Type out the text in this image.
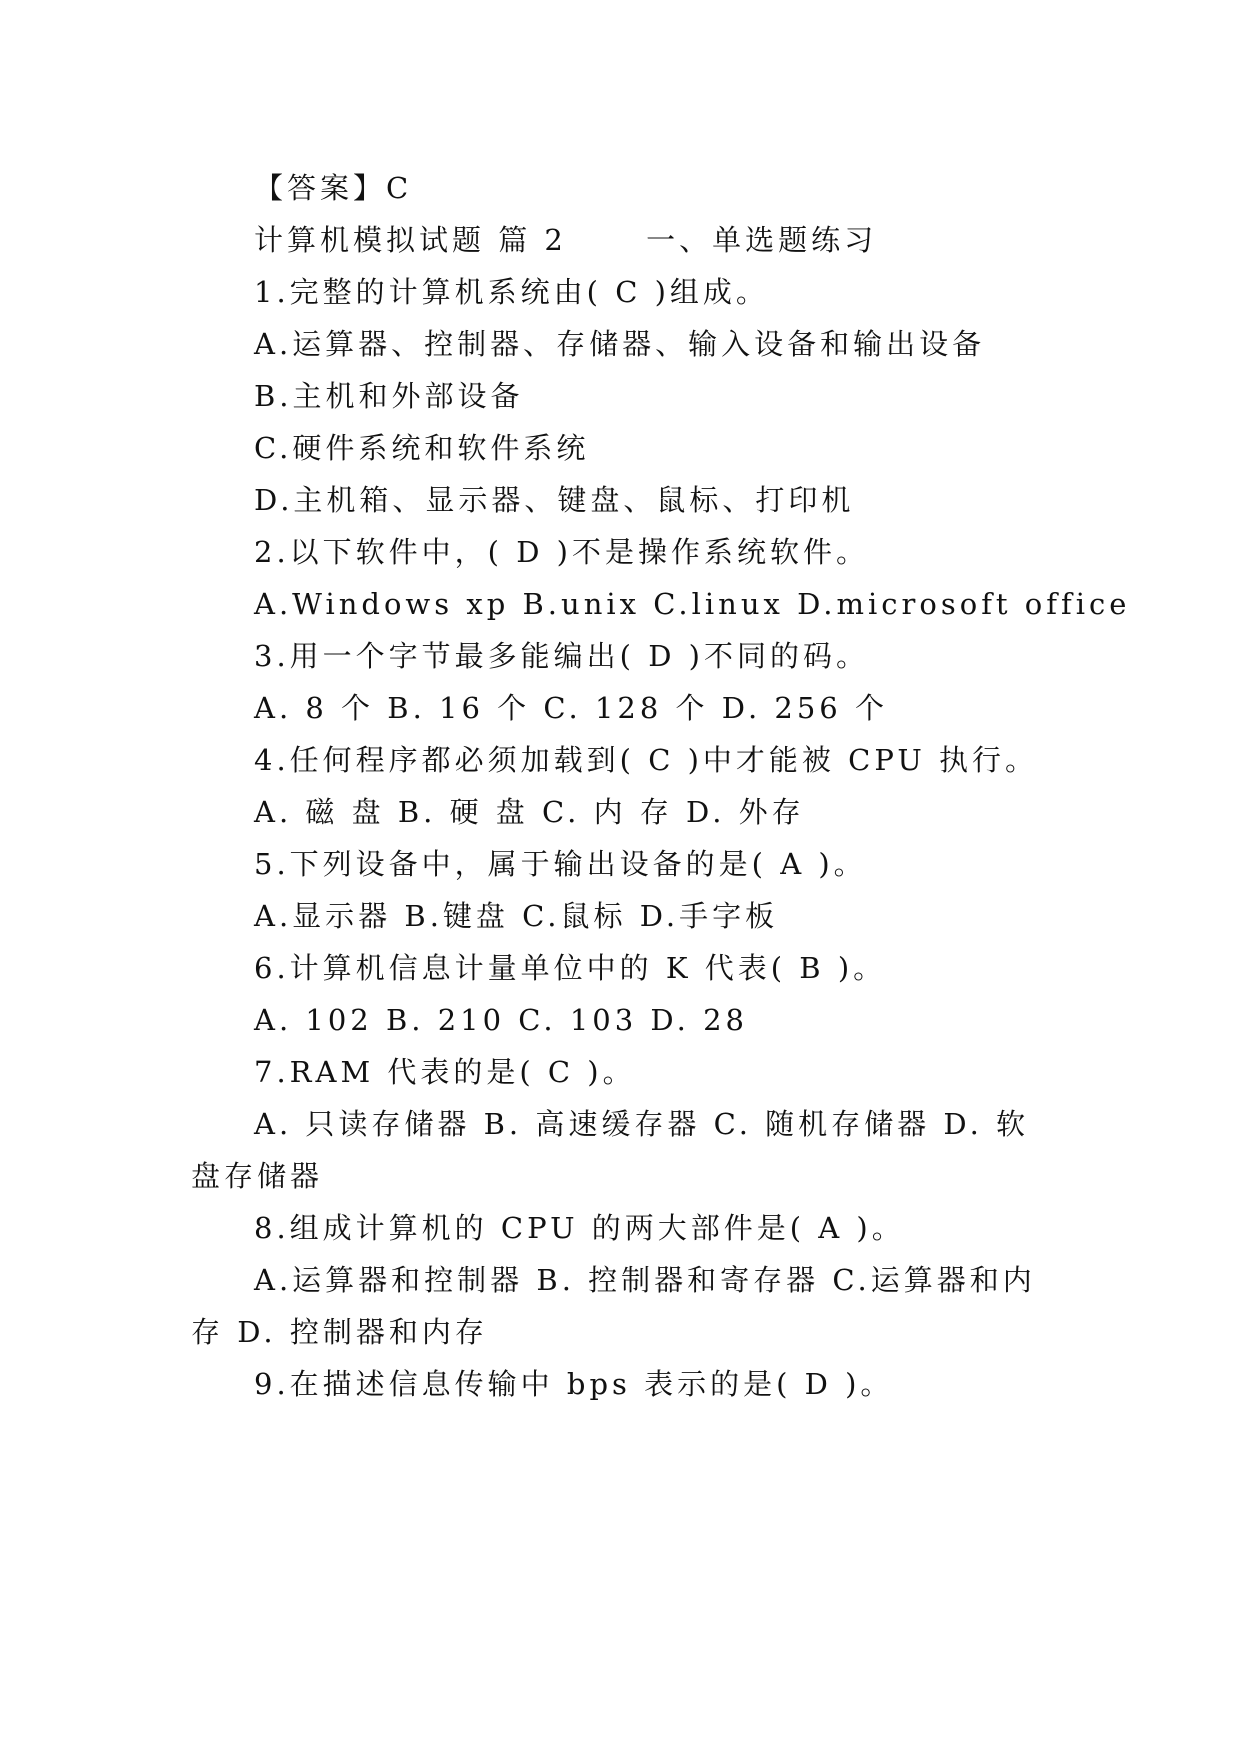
【答案】C
计算机模拟试题 篇 2　　 一、单选题练习
1.完整的计算机系统由( C )组成。
A.运算器、控制器、存储器、输入设备和输出设备
B.主机和外部设备
C.硬件系统和软件系统
D.主机箱、显示器、键盘、鼠标、打印机
2.以下软件中，( D )不是操作系统软件。
A.Windows xp B.unix C.linux D.microsoft office
3.用一个字节最多能编出( D )不同的码。
A. 8 个 B. 16 个 C. 128 个 D. 256 个
4.任何程序都必须加载到( C )中才能被 CPU 执行。
A. 磁 盘 B. 硬 盘 C. 内 存 D. 外存
5.下列设备中，属于输出设备的是( A )。
A.显示器 B.键盘 C.鼠标 D.手字板
6.计算机信息计量单位中的 K 代表( B )。
A. 102 B. 210 C. 103 D. 28
7.RAM 代表的是( C )。
A. 只读存储器 B. 高速缓存器 C. 随机存储器 D. 软
盘存储器
8.组成计算机的 CPU 的两大部件是( A )。
A.运算器和控制器 B. 控制器和寄存器 C.运算器和内
存 D. 控制器和内存
9.在描述信息传输中 bps 表示的是( D )。
